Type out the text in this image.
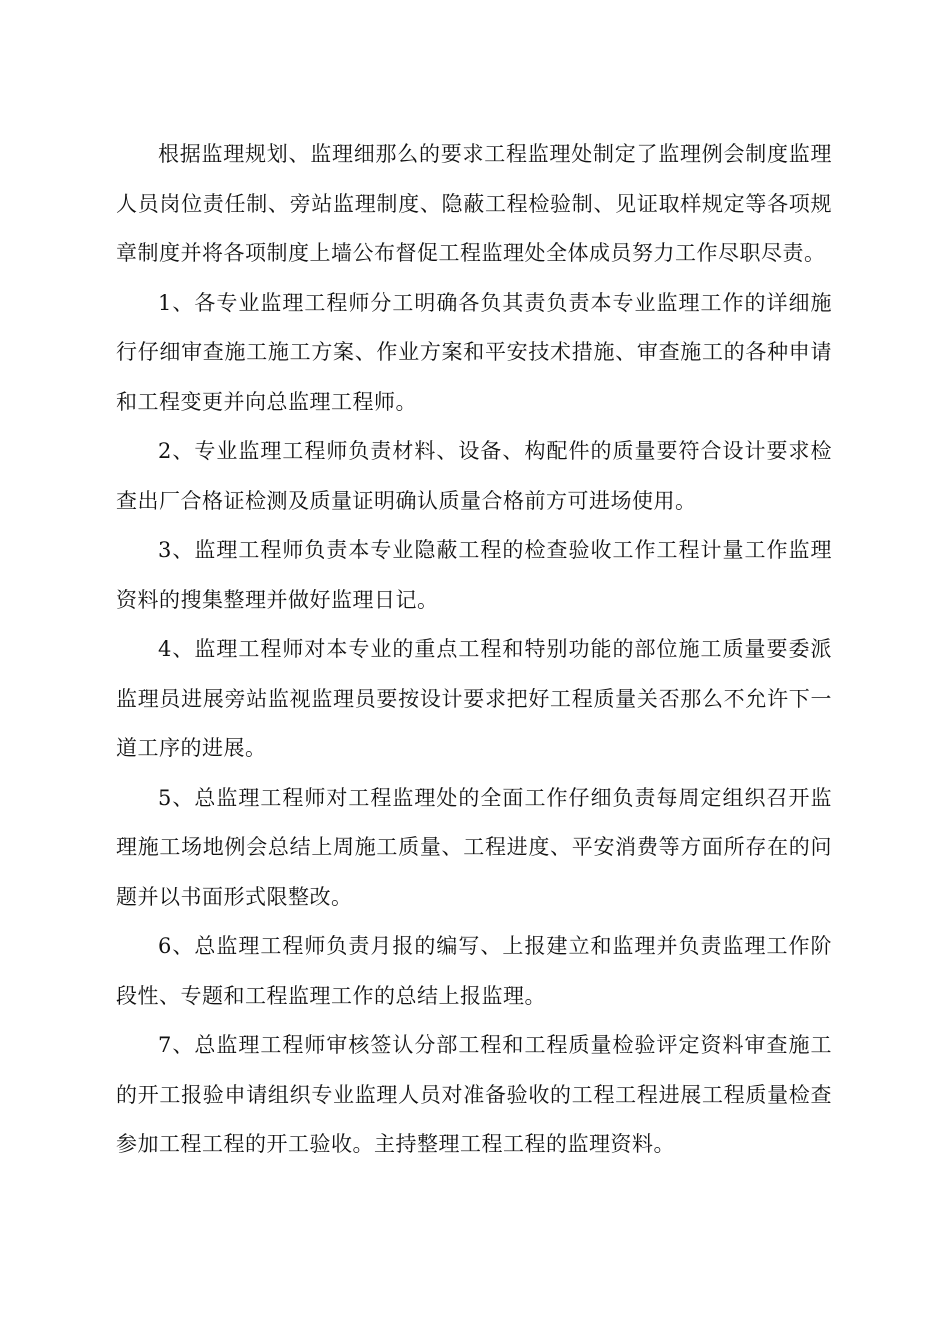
根据监理规划、监理细那么的要求工程监理处制定了监理例会制度监理人员岗位责任制、旁站监理制度、隐蔽工程检验制、见证取样规定等各项规章制度并将各项制度上墙公布督促工程监理处全体成员努力工作尽职尽责。

1、各专业监理工程师分工明确各负其责负责本专业监理工作的详细施行仔细审查施工施工方案、作业方案和平安技术措施、审查施工的各种申请和工程变更并向总监理工程师。

2、专业监理工程师负责材料、设备、构配件的质量要符合设计要求检查出厂合格证检测及质量证明确认质量合格前方可进场使用。

3、监理工程师负责本专业隐蔽工程的检查验收工作工程计量工作监理资料的搜集整理并做好监理日记。

4、监理工程师对本专业的重点工程和特别功能的部位施工质量要委派监理员进展旁站监视监理员要按设计要求把好工程质量关否那么不允许下一道工序的进展。

5、总监理工程师对工程监理处的全面工作仔细负责每周定组织召开监理施工场地例会总结上周施工质量、工程进度、平安消费等方面所存在的问题并以书面形式限整改。

6、总监理工程师负责月报的编写、上报建立和监理并负责监理工作阶段性、专题和工程监理工作的总结上报监理。

7、总监理工程师审核签认分部工程和工程质量检验评定资料审查施工的开工报验申请组织专业监理人员对准备验收的工程工程进展工程质量检查参加工程工程的开工验收。主持整理工程工程的监理资料。
